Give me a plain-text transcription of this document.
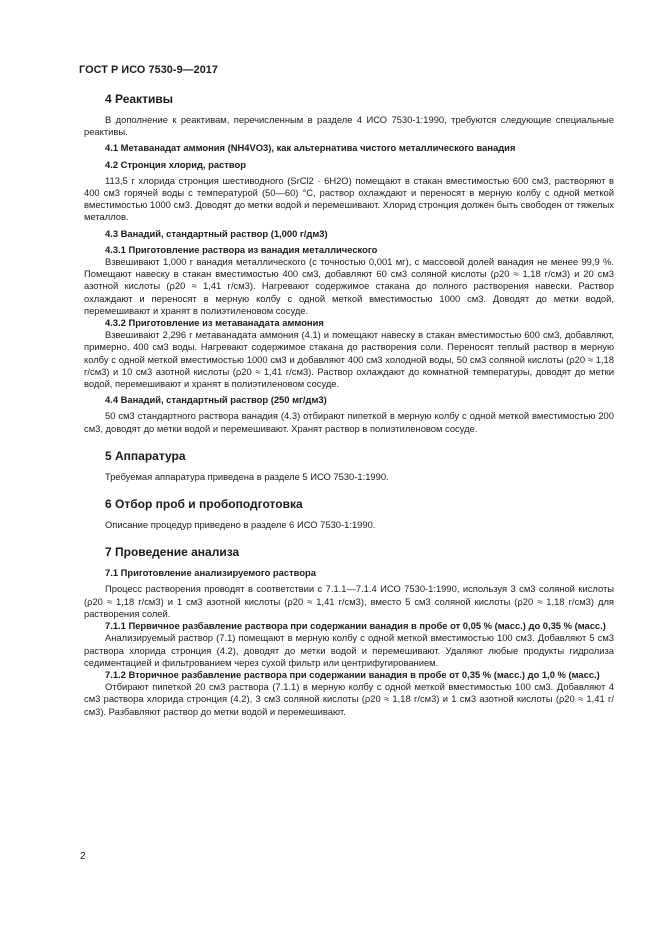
ГОСТ Р ИСО 7530-9—2017
4 Реактивы

В дополнение к реактивам, перечисленным в разделе 4 ИСО 7530-1:1990, требуются следующие специальные реактивы.

4.1 Метаванадат аммония (NH4VO3), как альтернатива чистого металлического ванадия

4.2 Стронция хлорид, раствор

113,5 г хлорида стронция шестиводного (SrCl2 · 6H2O) помещают в стакан вместимостью 600 см3, растворяют в 400 см3 горячей воды с температурой (50—60) °С, раствор охлаждают и переносят в мерную колбу с одной меткой вместимостью 1000 см3. Доводят до метки водой и перемешивают. Хлорид стронция должен быть свободен от тяжелых металлов.

4.3 Ванадий, стандартный раствор (1,000 г/дм3)

4.3.1 Приготовление раствора из ванадия металлического

Взвешивают 1,000 г ванадия металлического (с точностью 0,001 мг), с массовой долей ванадия не менее 99,9 %. Помещают навеску в стакан вместимостью 400 см3, добавляют 60 см3 соляной кислоты (ρ20 ≈ 1,18 г/см3) и 20 см3 азотной кислоты (ρ20 ≈ 1,41 г/см3). Нагревают содержимое стакана до полного растворения навески. Раствор охлаждают и переносят в мерную колбу с одной меткой вместимостью 1000 см3. Доводят до метки водой, перемешивают и хранят в полиэтиленовом сосуде.

4.3.2 Приготовление из метаванадата аммония

Взвешивают 2,296 г метаванадата аммония (4.1) и помещают навеску в стакан вместимостью 600 см3, добавляют, примерно, 400 см3 воды. Нагревают содержимое стакана до растворения соли. Переносят теплый раствор в мерную колбу с одной меткой вместимостью 1000 см3 и добавляют 400 см3 холодной воды, 50 см3 соляной кислоты (ρ20 ≈ 1,18 г/см3) и 10 см3 азотной кислоты (ρ20 ≈ 1,41 г/см3). Раствор охлаждают до комнатной температуры, доводят до метки водой, перемешивают и хранят в полиэтиленовом сосуде.

4.4 Ванадий, стандартный раствор (250 мг/дм3)

50 см3 стандартного раствора ванадия (4.3) отбирают пипеткой в мерную колбу с одной меткой вместимостью 200 см3, доводят до метки водой и перемешивают. Хранят раствор в полиэтиленовом сосуде.

5 Аппаратура

Требуемая аппаратура приведена в разделе 5 ИСО 7530-1:1990.

6 Отбор проб и пробоподготовка

Описание процедур приведено в разделе 6 ИСО 7530-1:1990.

7 Проведение анализа

7.1 Приготовление анализируемого раствора

Процесс растворения проводят в соответствии с 7.1.1—7.1.4 ИСО 7530-1:1990, используя 3 см3 соляной кислоты (ρ20 ≈ 1,18 г/см3) и 1 см3 азотной кислоты (ρ20 ≈ 1,41 г/см3), вместо 5 см3 соляной кислоты (ρ20 ≈ 1,18 г/см3) для растворения солей.

7.1.1 Первичное разбавление раствора при содержании ванадия в пробе от 0,05 % (масс.) до 0,35 % (масс.)

Анализируемый раствор (7.1) помещают в мерную колбу с одной меткой вместимостью 100 см3. Добавляют 5 см3 раствора хлорида стронция (4.2), доводят до метки водой и перемешивают. Удаляют любые продукты гидролиза седиментацией и фильтрованием через сухой фильтр или центрифугированием.

7.1.2 Вторичное разбавление раствора при содержании ванадия в пробе от 0,35 % (масс.) до 1,0 % (масс.)

Отбирают пипеткой 20 см3 раствора (7.1.1) в мерную колбу с одной меткой вместимостью 100 см3. Добавляют 4 см3 раствора хлорида стронция (4.2), 3 см3 соляной кислоты (ρ20 ≈ 1,18 г/см3) и 1 см3 азотной кислоты (ρ20 ≈ 1,41 г/см3). Разбавляют раствор до метки водой и перемешивают.

2
